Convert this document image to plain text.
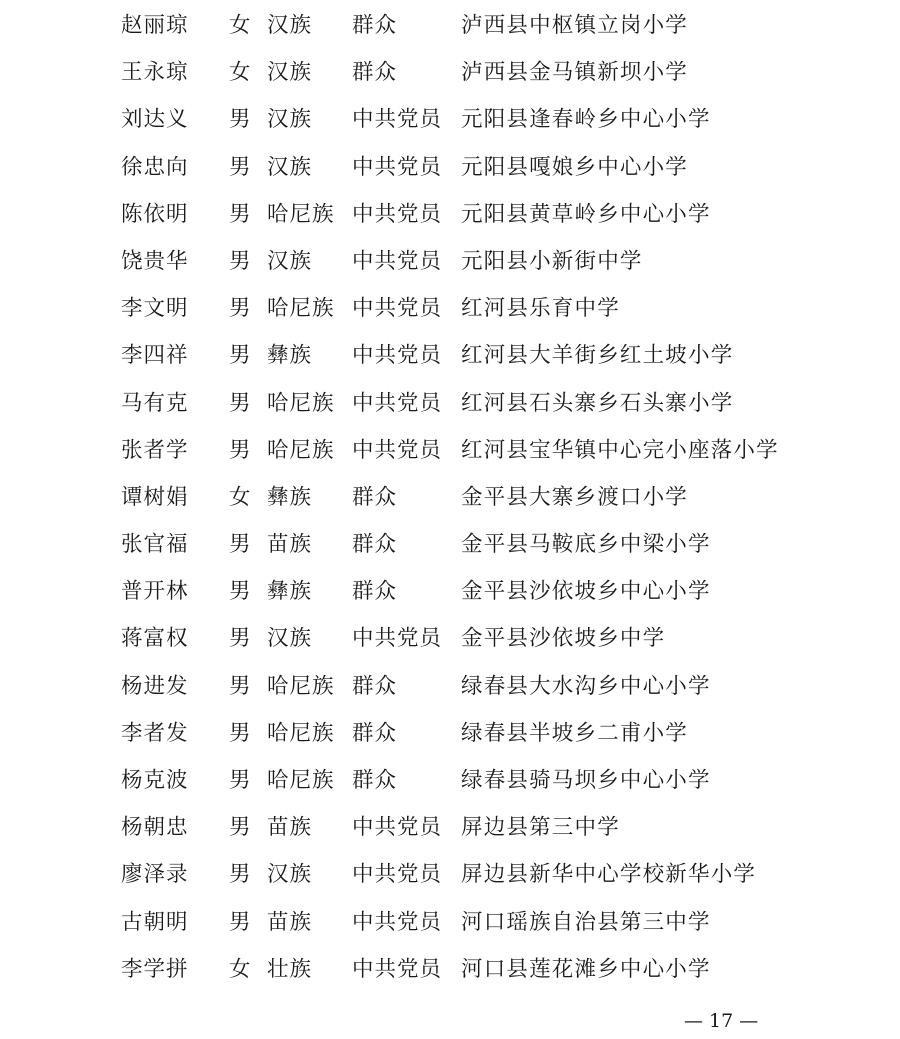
赵丽琼 女 汉族 群众	泸西县中枢镇立岗小学
王永琼 女 汉族 群众	泸西县金马镇新坝小学
刘达义 男 汉族 中共党员 元阳县逢春岭乡中心小学
徐忠向 男 汉族 中共党员 元阳县嘎娘乡中心小学
陈依明 男 哈尼族 中共党员 元阳县黄草岭乡中心小学
饶贵华 男 汉族 中共党员 元阳县小新街中学
李文明 男 哈尼族 中共党员 红河县乐育中学
李四祥 男 彝族 中共党员 红河县大羊街乡红土坡小学
马有克 男 哈尼族 中共党员 红河县石头寨乡石头寨小学
张者学 男 哈尼族 中共党员 红河县宝华镇中心完小座落小学
谭树娟 女 彝族 群众	金平县大寨乡渡口小学
张官福 男 苗族 群众	金平县马鞍底乡中梁小学
普开林 男 彝族 群众	金平县沙依坡乡中心小学
蒋富权 男 汉族 中共党员 金平县沙依坡乡中学
杨进发 男 哈尼族 群众	绿春县大水沟乡中心小学
李者发 男 哈尼族 群众	绿春县半坡乡二甫小学
杨克波 男 哈尼族 群众	绿春县骑马坝乡中心小学
杨朝忠 男 苗族 中共党员 屏边县第三中学
廖泽录 男 汉族 中共党员 屏边县新华中心学校新华小学
古朝明 男 苗族 中共党员 河口瑶族自治县第三中学
李学拼 女 壮族 中共党员 河口县莲花滩乡中心小学
— 17 —
